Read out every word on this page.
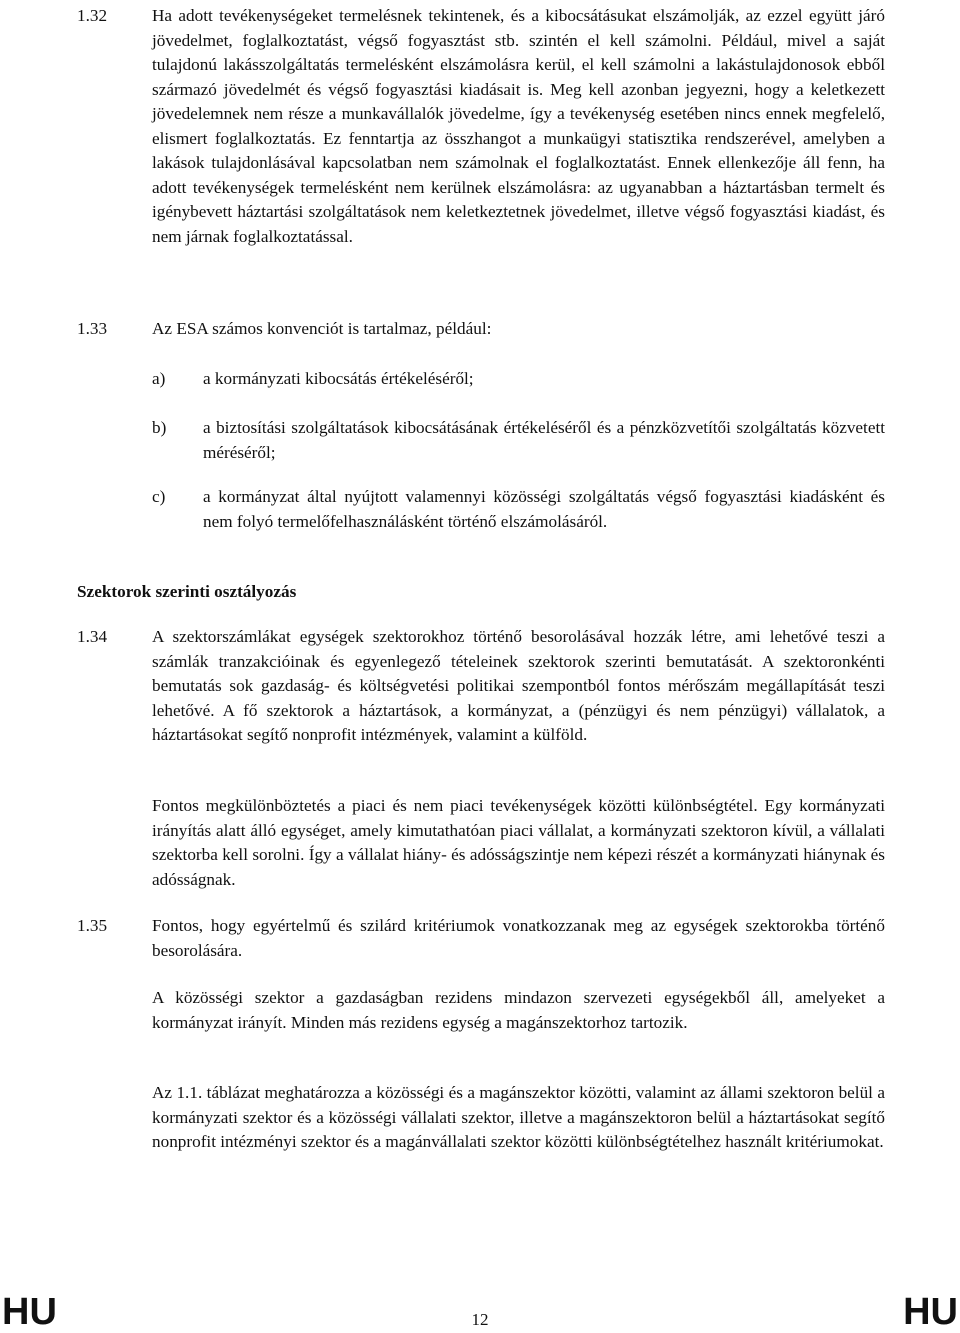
1.32	Ha adott tevékenységeket termelésnek tekintenek, és a kibocsátásukat elszámolják, az ezzel együtt járó jövedelmet, foglalkoztatást, végső fogyasztást stb. szintén el kell számolni. Például, mivel a saját tulajdonú lakásszolgáltatás termelésként elszámolásra kerül, el kell számolni a lakástulajdonosok ebből származó jövedelmét és végső fogyasztási kiadásait is. Meg kell azonban jegyezni, hogy a keletkezett jövedelemnek nem része a munkavállalók jövedelme, így a tevékenység esetében nincs ennek megfelelő, elismert foglalkoztatás. Ez fenntartja az összhangot a munkaügyi statisztika rendszerével, amelyben a lakások tulajdonlásával kapcsolatban nem számolnak el foglalkoztatást. Ennek ellenkezője áll fenn, ha adott tevékenységek termelésként nem kerülnek elszámolásra: az ugyanabban a háztartásban termelt és igénybevett háztartási szolgáltatások nem keletkeztetnek jövedelmet, illetve végső fogyasztási kiadást, és nem járnak foglalkoztatással.
1.33	Az ESA számos konvenciót is tartalmaz, például:
a) a kormányzati kibocsátás értékeléséről;
b) a biztosítási szolgáltatások kibocsátásának értékeléséről és a pénzközvetítői szolgáltatás közvetett méréséről;
c) a kormányzat által nyújtott valamennyi közösségi szolgáltatás végső fogyasztási kiadásként és nem folyó termelőfelhasználásként történő elszámolásáról.
Szektorok szerinti osztályozás
1.34	A szektorszámlákat egységek szektorokhoz történő besorolásával hozzák létre, ami lehetővé teszi a számlák tranzakcióinak és egyenlegező tételeinek szektorok szerinti bemutatását. A szektoronkénti bemutatás sok gazdaság- és költségvetési politikai szempontból fontos mérőszám megállapítását teszi lehetővé. A fő szektorok a háztartások, a kormányzat, a (pénzügyi és nem pénzügyi) vállalatok, a háztartásokat segítő nonprofit intézmények, valamint a külföld.
Fontos megkülönböztetés a piaci és nem piaci tevékenységek közötti különbségtétel. Egy kormányzati irányítás alatt álló egységet, amely kimutathatóan piaci vállalat, a kormányzati szektoron kívül, a vállalati szektorba kell sorolni. Így a vállalat hiány- és adósságszintje nem képezi részét a kormányzati hiánynak és adósságnak.
1.35	Fontos, hogy egyértelmű és szilárd kritériumok vonatkozzanak meg az egységek szektorokba történő besorolására.
A közösségi szektor a gazdaságban rezidens mindazon szervezeti egységekből áll, amelyeket a kormányzat irányít. Minden más rezidens egység a magánszektorhoz tartozik.
Az 1.1. táblázat meghatározza a közösségi és a magánszektor közötti, valamint az állami szektoron belül a kormányzati szektor és a közösségi vállalati szektor, illetve a magánszektoron belül a háztartásokat segítő nonprofit intézményi szektor és a magánvállalati szektor közötti különbségtételhez használt kritériumokat.
HU	12	HU
